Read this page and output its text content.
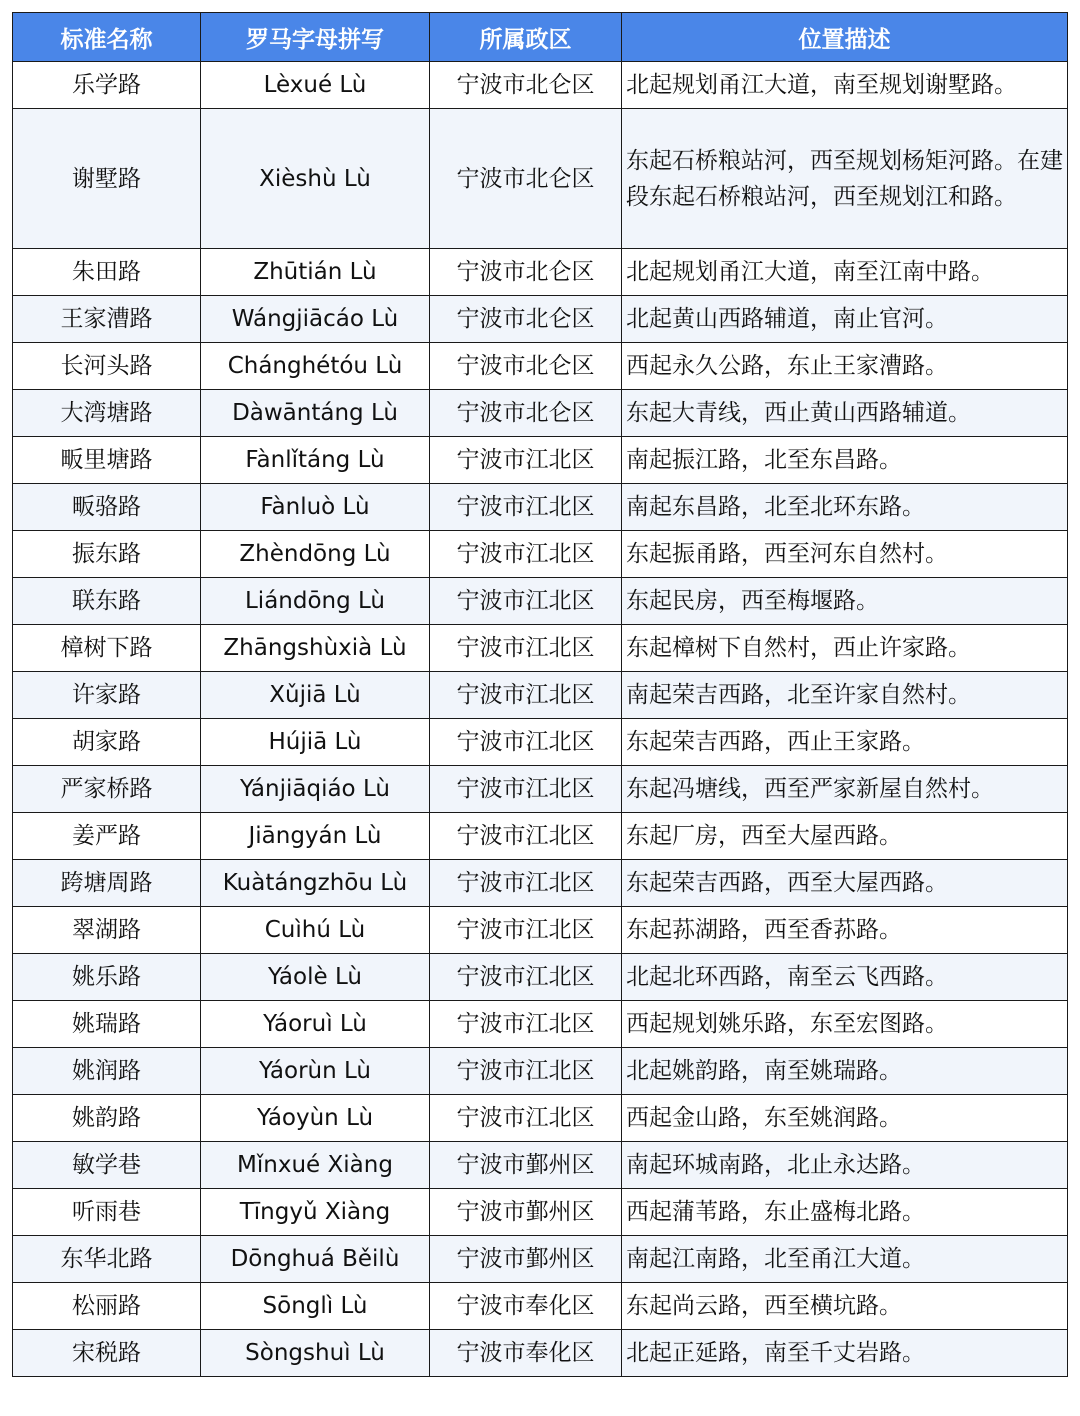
标准名称	罗马字母拼写	所属政区	位置描述
乐学路	Lèxué Lù	宁波市北仑区	北起规划甬江大道，南至规划谢墅路。
谢墅路	Xièshù Lù	宁波市北仑区	东起石桥粮站河，西至规划杨矩河路。在建段东起石桥粮站河，西至规划江和路。
朱田路	Zhūtián Lù	宁波市北仑区	北起规划甬江大道，南至江南中路。
王家漕路	Wángjiācáo Lù	宁波市北仑区	北起黄山西路辅道，南止官河。
长河头路	Chánghétóu Lù	宁波市北仑区	西起永久公路，东止王家漕路。
大湾塘路	Dàwāntáng Lù	宁波市北仑区	东起大青线，西止黄山西路辅道。
畈里塘路	Fànlǐtáng Lù	宁波市江北区	南起振江路，北至东昌路。
畈骆路	Fànluò Lù	宁波市江北区	南起东昌路，北至北环东路。
振东路	Zhèndōng Lù	宁波市江北区	东起振甬路，西至河东自然村。
联东路	Liándōng Lù	宁波市江北区	东起民房，西至梅堰路。
樟树下路	Zhāngshùxià Lù	宁波市江北区	东起樟树下自然村，西止许家路。
许家路	Xǔjiā Lù	宁波市江北区	南起荣吉西路，北至许家自然村。
胡家路	Hújiā Lù	宁波市江北区	东起荣吉西路，西止王家路。
严家桥路	Yánjiāqiáo Lù	宁波市江北区	东起冯塘线，西至严家新屋自然村。
姜严路	Jiāngyán Lù	宁波市江北区	东起厂房，西至大屋西路。
跨塘周路	Kuàtángzhōu Lù	宁波市江北区	东起荣吉西路，西至大屋西路。
翠湖路	Cuìhú Lù	宁波市江北区	东起荪湖路，西至香荪路。
姚乐路	Yáolè Lù	宁波市江北区	北起北环西路，南至云飞西路。
姚瑞路	Yáoruì Lù	宁波市江北区	西起规划姚乐路，东至宏图路。
姚润路	Yáorùn Lù	宁波市江北区	北起姚韵路，南至姚瑞路。
姚韵路	Yáoyùn Lù	宁波市江北区	西起金山路，东至姚润路。
敏学巷	Mǐnxué Xiàng	宁波市鄞州区	南起环城南路，北止永达路。
听雨巷	Tīngyǔ Xiàng	宁波市鄞州区	西起蒲苇路，东止盛梅北路。
东华北路	Dōnghuá Běilù	宁波市鄞州区	南起江南路，北至甬江大道。
松丽路	Sōnglì Lù	宁波市奉化区	东起尚云路，西至横坑路。
宋税路	Sòngshuì Lù	宁波市奉化区	北起正延路，南至千丈岩路。
